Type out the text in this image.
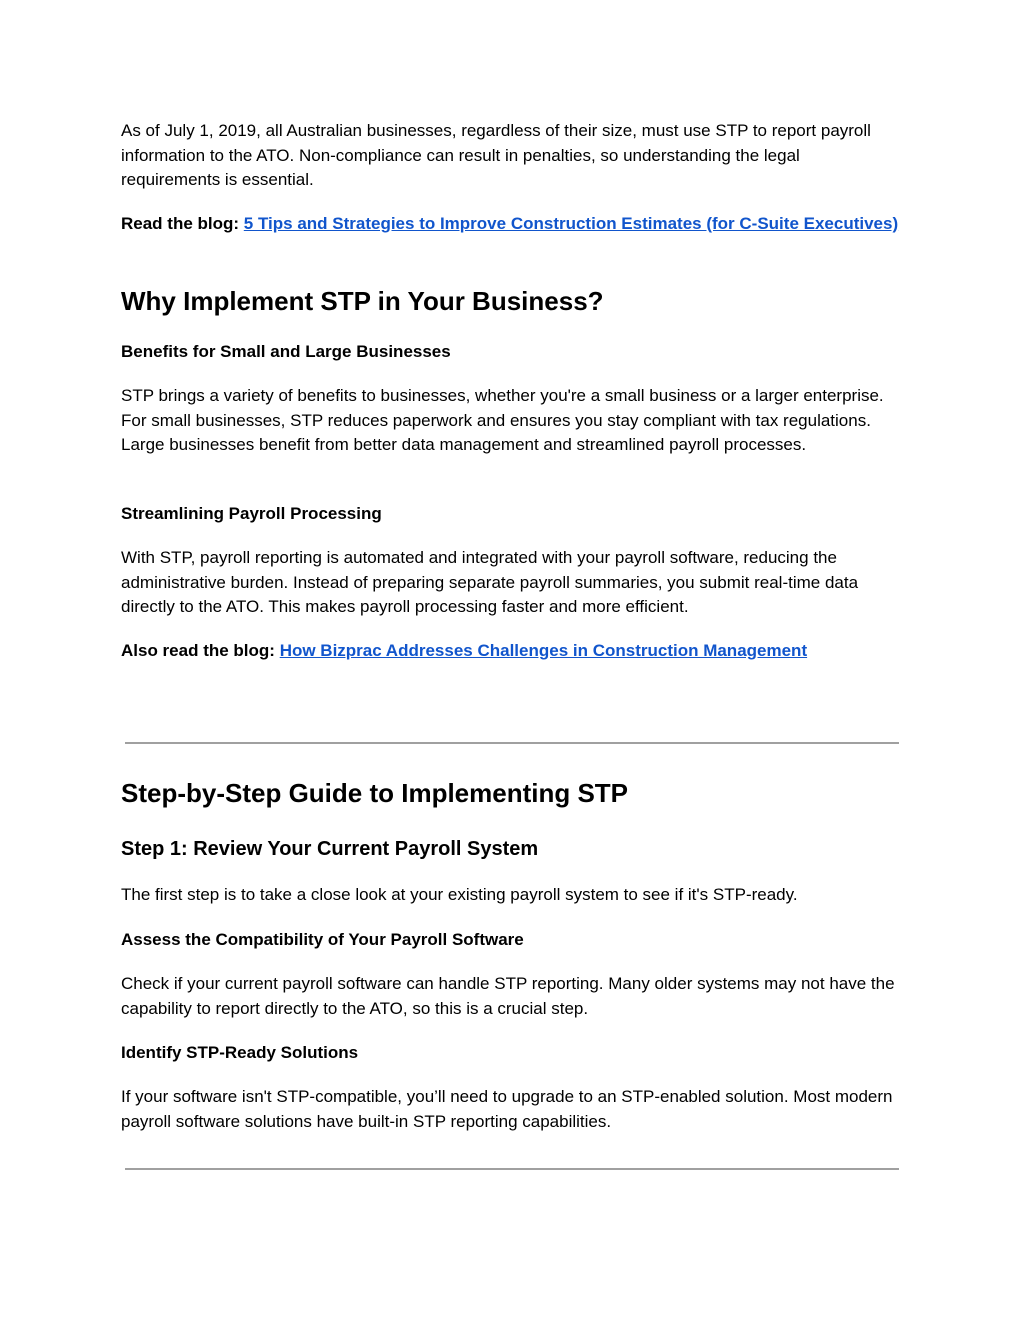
As of July 1, 2019, all Australian businesses, regardless of their size, must use STP to report payroll information to the ATO. Non-compliance can result in penalties, so understanding the legal requirements is essential.

Read the blog: 5 Tips and Strategies to Improve Construction Estimates (for C-Suite Executives)

Why Implement STP in Your Business?
Benefits for Small and Large Businesses

STP brings a variety of benefits to businesses, whether you're a small business or a larger enterprise. For small businesses, STP reduces paperwork and ensures you stay compliant with tax regulations. Large businesses benefit from better data management and streamlined payroll processes.

Streamlining Payroll Processing

With STP, payroll reporting is automated and integrated with your payroll software, reducing the administrative burden. Instead of preparing separate payroll summaries, you submit real-time data directly to the ATO. This makes payroll processing faster and more efficient.

Also read the blog: How Bizprac Addresses Challenges in Construction Management

Step-by-Step Guide to Implementing STP
Step 1: Review Your Current Payroll System

The first step is to take a close look at your existing payroll system to see if it's STP-ready.

Assess the Compatibility of Your Payroll Software

Check if your current payroll software can handle STP reporting. Many older systems may not have the capability to report directly to the ATO, so this is a crucial step.

Identify STP-Ready Solutions

If your software isn't STP-compatible, you’ll need to upgrade to an STP-enabled solution. Most modern payroll software solutions have built-in STP reporting capabilities.
